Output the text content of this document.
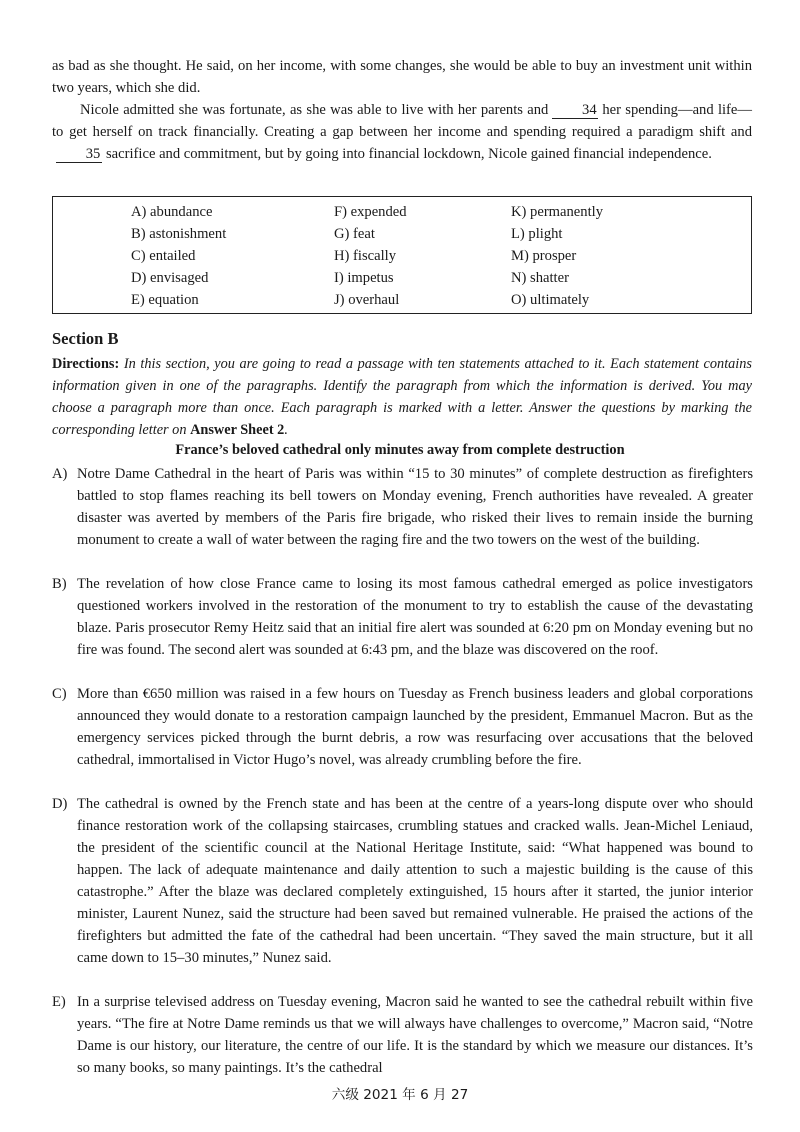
as bad as she thought. He said, on her income, with some changes, she would be able to buy an investment unit within two years, which she did.

Nicole admitted she was fortunate, as she was able to live with her parents and 34 her spending—and life—to get herself on track financially. Creating a gap between her income and spending required a paradigm shift and35 sacrifice and commitment, but by going into financial lockdown, Nicole gained financial independence.

A) abundance
B) astonishment
C) entailed
D) envisaged
E) equation
F) expended
G) feat
H) fiscally
I) impetus
J) overhaul
K) permanently
L) plight
M) prosper
N) shatter
O) ultimately
Section B

Directions: In this section, you are going to read a passage with ten statements attached to it. Each statement contains information given in one of the paragraphs. Identify the paragraph from which the information is derived. You may choose a paragraph more than once. Each paragraph is marked with a letter. Answer the questions by marking the corresponding letter on Answer Sheet 2.

France’s beloved cathedral only minutes away from complete destruction
A) Notre Dame Cathedral in the heart of Paris was within “15 to 30 minutes” of complete destruction as firefighters battled to stop flames reaching its bell towers on Monday evening, French authorities have revealed. A greater disaster was averted by members of the Paris fire brigade, who risked their lives to remain inside the burning monument to create a wall of water between the raging fire and the two towers on the west of the building.

B) The revelation of how close France came to losing its most famous cathedral emerged as police investigators questioned workers involved in the restoration of the monument to try to establish the cause of the devastating blaze. Paris prosecutor Remy Heitz said that an initial fire alert was sounded at 6:20 pm on Monday evening but no fire was found. The second alert was sounded at 6:43 pm, and the blaze was discovered on the roof.

C) More than €650 million was raised in a few hours on Tuesday as French business leaders and global corporations announced they would donate to a restoration campaign launched by the president, Emmanuel Macron. But as the emergency services picked through the burnt debris, a row was resurfacing over accusations that the beloved cathedral, immortalised in Victor Hugo’s novel, was already crumbling before the fire.

D) The cathedral is owned by the French state and has been at the centre of a years-long dispute over who should finance restoration work of the collapsing staircases, crumbling statues and cracked walls. Jean-Michel Leniaud, the president of the scientific council at the National Heritage Institute, said: “What happened was bound to happen. The lack of adequate maintenance and daily attention to such a majestic building is the cause of this catastrophe.” After the blaze was declared completely extinguished, 15 hours after it started, the junior interior minister, Laurent Nunez, said the structure had been saved but remained vulnerable. He praised the actions of the firefighters but admitted the fate of the cathedral had been uncertain. “They saved the main structure, but it all came down to 15–30 minutes,” Nunez said.

E) In a surprise televised address on Tuesday evening, Macron said he wanted to see the cathedral rebuilt within five years. “The fire at Notre Dame reminds us that we will always have challenges to overcome,” Macron said, “Notre Dame is our history, our literature, the centre of our life. It is the standard by which we measure our distances. It’s so many books, so many paintings. It’s the cathedral

六级 2021 年 6 月 27
